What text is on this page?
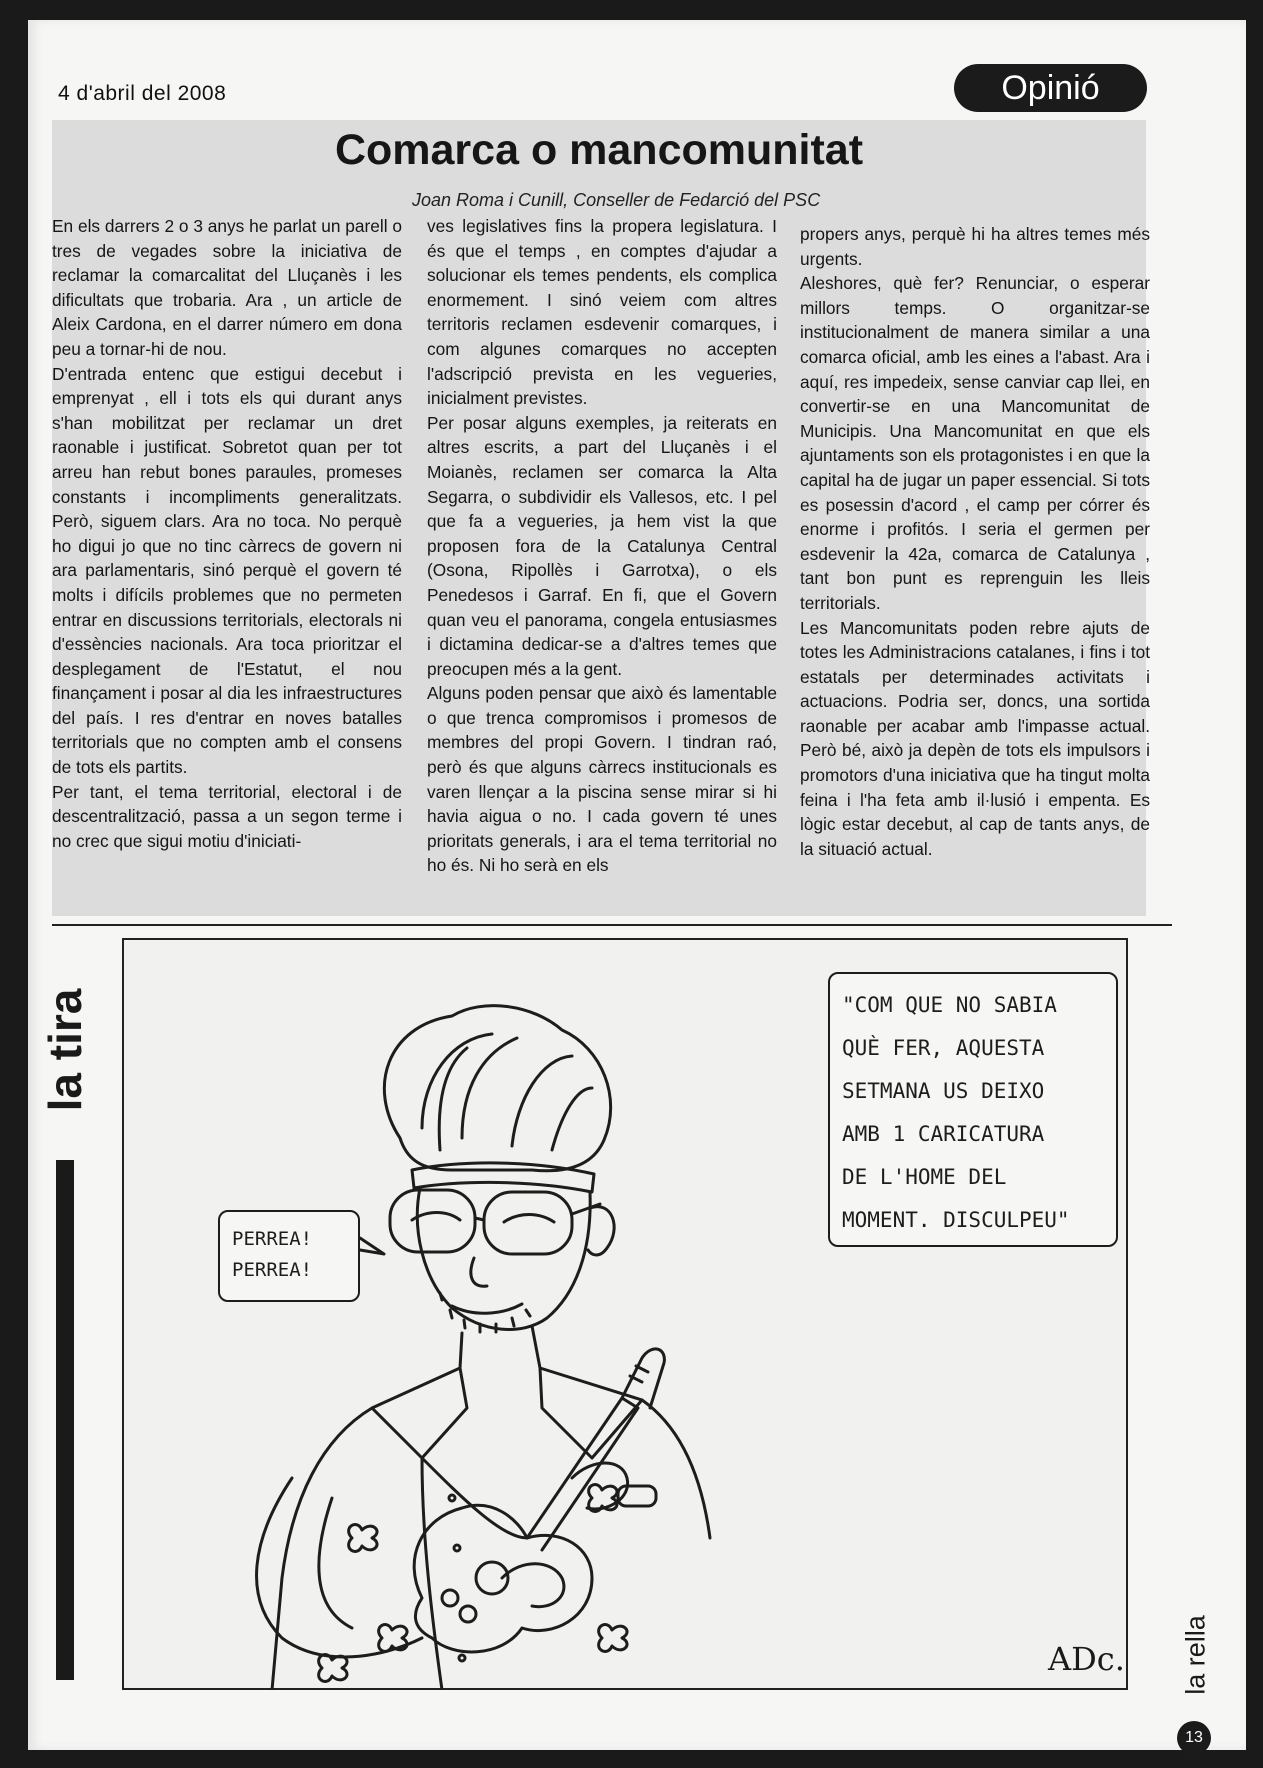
4 d'abril del 2008	Opinió
Comarca o mancomunitat
Joan Roma i Cunill, Conseller de Fedarció del PSC

En els darrers 2 o 3 anys he parlat un parell o tres de vegades sobre la iniciativa de reclamar la comarcalitat del Lluçanès i les dificultats que trobaria. Ara , un article de Aleix Cardona, en el darrer número em dona peu a tornar-hi de nou.

D'entrada entenc que estigui decebut i emprenyat , ell i tots els qui durant anys s'han mobilitzat per reclamar un dret raonable i justificat. Sobretot quan per tot arreu han rebut bones paraules, promeses constants i incompliments generalitzats. Però, siguem clars. Ara no toca. No perquè ho digui jo que no tinc càrrecs de govern ni ara parlamentaris, sinó perquè el govern té molts i difícils problemes que no permeten entrar en discussions territorials, electorals ni d'essències nacionals. Ara toca prioritzar el desplegament de l'Estatut, el nou finançament i posar al dia les infraestructures del país. I res d'entrar en noves batalles territorials que no compten amb el consens de tots els partits.

Per tant, el tema territorial, electoral i de descentralització, passa a un segon terme i no crec que sigui motiu d'iniciati-

ves legislatives fins la propera legislatura. I és que el temps , en comptes d'ajudar a solucionar els temes pendents, els complica enormement. I sinó veiem com altres territoris reclamen esdevenir comarques, i com algunes comarques no accepten l'adscripció prevista en les vegueries, inicialment previstes.

Per posar alguns exemples, ja reiterats en altres escrits, a part del Lluçanès i el Moianès, reclamen ser comarca la Alta Segarra, o subdividir els Vallesos, etc. I pel que fa a vegueries, ja hem vist la que proposen fora de la Catalunya Central (Osona, Ripollès i Garrotxa), o els Penedesos i Garraf. En fi, que el Govern quan veu el panorama, congela entusiasmes i dictamina dedicar-se a d'altres temes que preocupen més a la gent.

Alguns poden pensar que això és lamentable o que trenca compromisos i promesos de membres del propi Govern. I tindran raó, però és que alguns càrrecs institucionals es varen llençar a la piscina sense mirar si hi havia aigua o no. I cada govern té unes prioritats generals, i ara el tema territorial no ho és. Ni ho serà en els

propers anys, perquè hi ha altres temes més urgents.

Aleshores, què fer? Renunciar, o esperar millors temps. O organitzar-se institucionalment de manera similar a una comarca oficial, amb les eines a l'abast. Ara i aquí, res impedeix, sense canviar cap llei, en convertir-se en una Mancomunitat de Municipis. Una Mancomunitat en que els ajuntaments son els protagonistes i en que la capital ha de jugar un paper essencial. Si tots es posessin d'acord , el camp per córrer és enorme i profitós. I seria el germen per esdevenir la 42a, comarca de Catalunya , tant bon punt es reprenguin les lleis territorials.

Les Mancomunitats poden rebre ajuts de totes les Administracions catalanes, i fins i tot estatals per determinades activitats i actuacions. Podria ser, doncs, una sortida raonable per acabar amb l'impasse actual. Però bé, això ja depèn de tots els impulsors i promotors d'una iniciativa que ha tingut molta feina i l'ha feta amb il·lusió i empenta. Es lògic estar decebut, al cap de tants anys, de la situació actual.

la tira	"COM QUE NO SABIA
QUÈ FER, AQUESTA
SETMANA US DEIXO
AMB 1 CARICATURA
DE L'HOME DEL
MOMENT. DISCULPEU"
PERREA!
PERREA!
ADc. la rella
13
